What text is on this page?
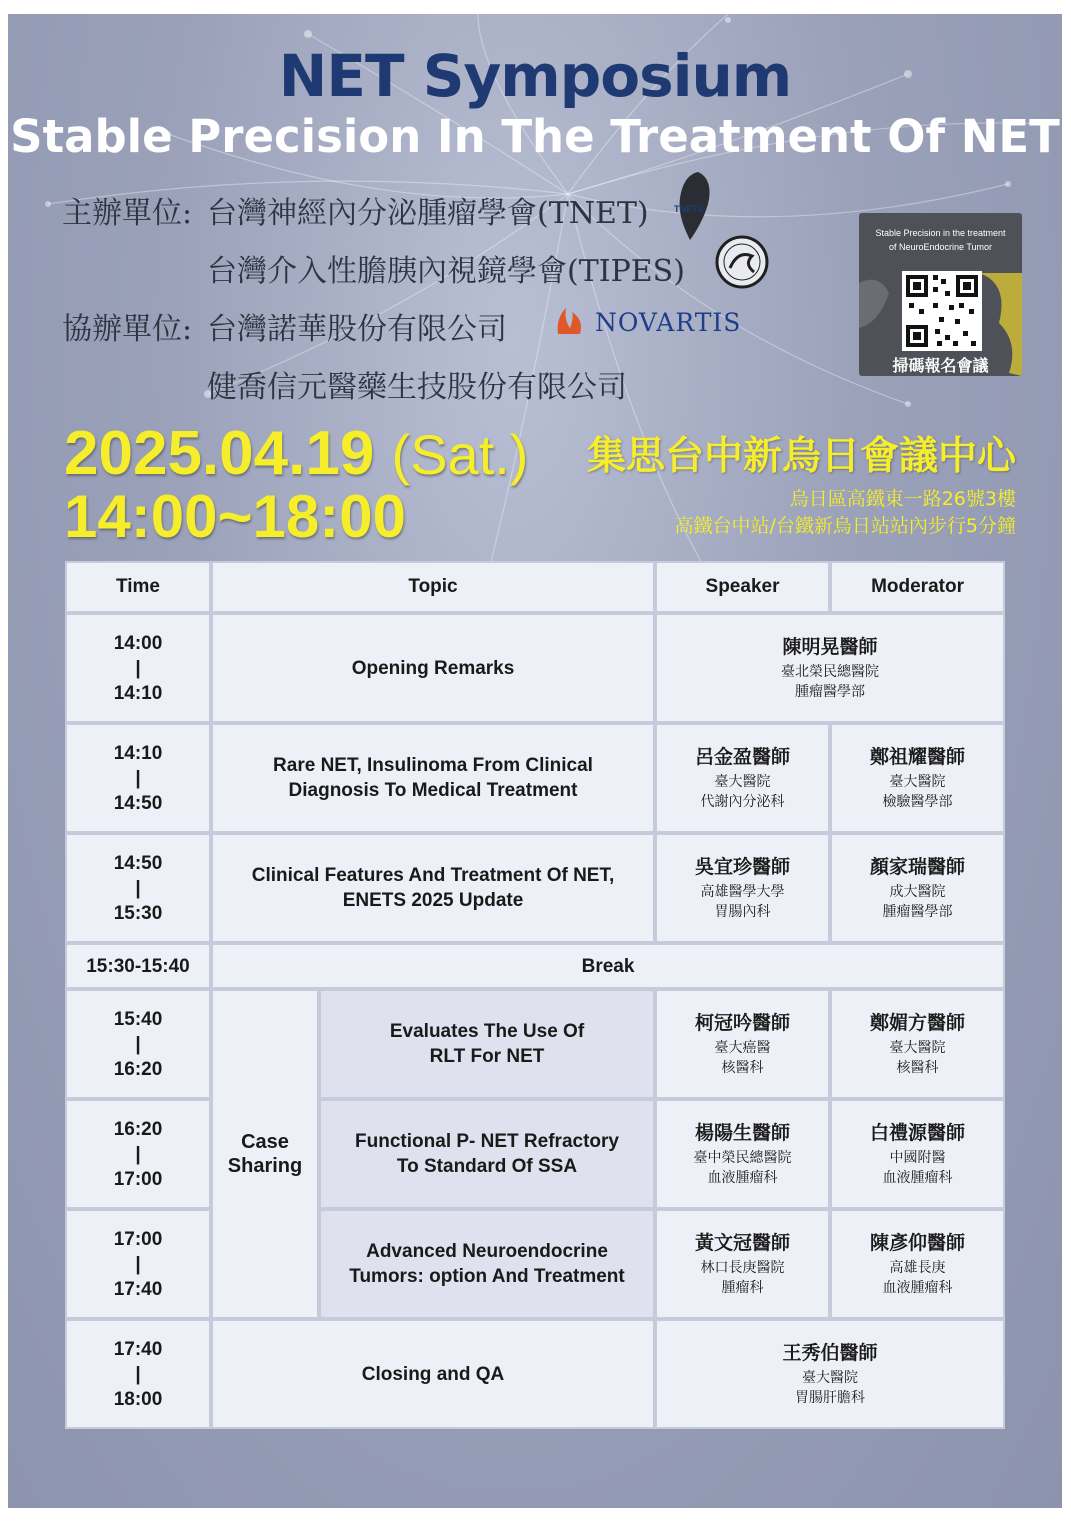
NET Symposium
Stable Precision In The Treatment Of NET
主辦單位: 台灣神經內分泌腫瘤學會(TNET)	TNETS
台灣介入性膽胰內視鏡學會(TIPES)
協辦單位: 台灣諾華股份有限公司	NOVARTIS
健喬信元醫藥生技股份有限公司
Stable Precision in the treatment
of NeuroEndocrine Tumor
掃碼報名會議
2025.04.19 (Sat.)
14:00~18:00
集思台中新烏日會議中心
烏日區高鐵東一路26號3樓
高鐵台中站/台鐵新烏日站站內步行5分鐘
Time	Topic		Speaker	Moderator
14:00
|
14:10	Opening Remarks		陳明晃醫師
臺北榮民總醫院
腫瘤醫學部	

14:10
|
14:50	Rare NET, Insulinoma From Clinical
Diagnosis To Medical Treatment		呂金盈醫師
臺大醫院
代謝內分泌科	鄭祖耀醫師
臺大醫院
檢驗醫學部

14:50
|
15:30	Clinical Features And Treatment Of NET,
ENETS 2025 Update		吳宜珍醫師
高雄醫學大學
胃腸內科	顏家瑞醫師
成大醫院
腫瘤醫學部

15:30-15:40	Break			
15:40
|
16:20	Case
Sharing	Evaluates The Use Of
RLT For NET	柯冠吟醫師
臺大癌醫
核醫科	鄭媚方醫師
臺大醫院
核醫科

16:20
|
17:00		Functional P- NET Refractory
To Standard Of SSA	楊陽生醫師
臺中榮民總醫院
血液腫瘤科	白禮源醫師
中國附醫
血液腫瘤科

17:00
|
17:40		Advanced Neuroendocrine
Tumors: option And Treatment	黃文冠醫師
林口長庚醫院
腫瘤科	陳彥仰醫師
高雄長庚
血液腫瘤科

17:40
|
18:00	Closing and QA		王秀伯醫師
臺大醫院
胃腸肝膽科	
